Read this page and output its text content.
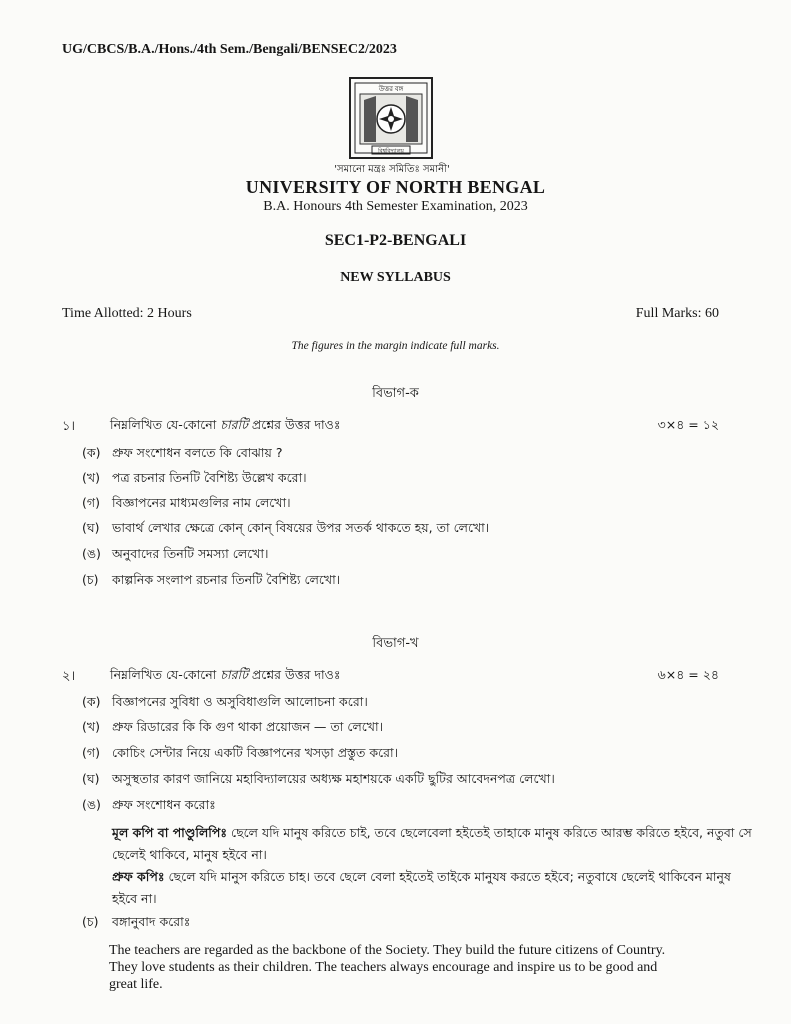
UG/CBCS/B.A./Hons./4th Sem./Bengali/BENSEC2/2023
উত্তর বঙ্গ
বিশ্ববিদ্যালয়
'সমানো মন্ত্রঃ সমিতিঃ সমানী'
UNIVERSITY OF NORTH BENGAL
B.A. Honours 4th Semester Examination, 2023
SEC1-P2-BENGALI
NEW SYLLABUS
Time Allotted: 2 Hours	Full Marks: 60
The figures in the margin indicate full marks.
বিভাগ-ক
১।	নিম্নলিখিত যে-কোনো চারটি প্রশ্নের উত্তর দাওঃ	৩×৪ = ১২
(ক) প্রুফ সংশোধন বলতে কি বোঝায় ?
(খ) পত্র রচনার তিনটি বৈশিষ্ট্য উল্লেখ করো।
(গ) বিজ্ঞাপনের মাধ্যমগুলির নাম লেখো।
(ঘ) ভাবার্থ লেখার ক্ষেত্রে কোন্ কোন্ বিষয়ের উপর সতর্ক থাকতে হয়, তা লেখো।
(ঙ) অনুবাদের তিনটি সমস্যা লেখো।
(চ) কাল্পনিক সংলাপ রচনার তিনটি বৈশিষ্ট্য লেখো।
বিভাগ-খ
২।	নিম্নলিখিত যে-কোনো চারটি প্রশ্নের উত্তর দাওঃ	৬×৪ = ২৪
(ক) বিজ্ঞাপনের সুবিধা ও অসুবিধাগুলি আলোচনা করো।
(খ) প্রুফ রিডারের কি কি গুণ থাকা প্রয়োজন — তা লেখো।
(গ) কোচিং সেন্টার নিয়ে একটি বিজ্ঞাপনের খসড়া প্রস্তুত করো।
(ঘ) অসুস্থতার কারণ জানিয়ে মহাবিদ্যালয়ের অধ্যক্ষ মহাশয়কে একটি ছুটির আবেদনপত্র লেখো।
(ঙ) প্রুফ সংশোধন করোঃ
মূল কপি বা পাণ্ডুলিপিঃ ছেলে যদি মানুষ করিতে চাই, তবে ছেলেবেলা হইতেই তাহাকে মানুষ করিতে আরম্ভ করিতে হইবে, নতুবা সে ছেলেই থাকিবে, মানুষ হইবে না।
প্রুফ কপিঃ ছেলে যদি মানুস করিতে চাহ। তবে ছেলে বেলা হইতেই তাইকে মানুযষ করতে হইবে; নতুবাষে ছেলেই থাকিবেন মানুষ হইবে না।
(চ) বঙ্গানুবাদ করোঃ
The teachers are regarded as the backbone of the Society. They build the future citizens of Country. They love students as their children. The teachers always encourage and inspire us to be good and great life.
